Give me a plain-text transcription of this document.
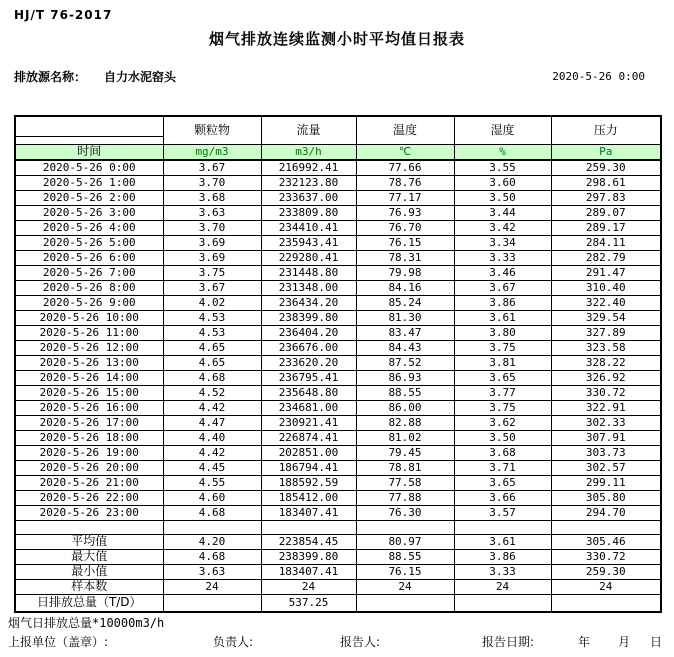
HJ/T 76-2017
烟气排放连续监测小时平均值日报表
排放源名称： 自力水泥窑头	2020-5-26 0:00
	颗粒物	流量	温度	湿度	压力
时间	mg/m3	m3/h	℃	%	Pa
2020-5-26 0:00	3.67	216992.41	77.66	3.55	259.30
2020-5-26 1:00	3.70	232123.80	78.76	3.60	298.61
2020-5-26 2:00	3.68	233637.00	77.17	3.50	297.83
2020-5-26 3:00	3.63	233809.80	76.93	3.44	289.07
2020-5-26 4:00	3.70	234410.41	76.70	3.42	289.17
2020-5-26 5:00	3.69	235943.41	76.15	3.34	284.11
2020-5-26 6:00	3.69	229280.41	78.31	3.33	282.79
2020-5-26 7:00	3.75	231448.80	79.98	3.46	291.47
2020-5-26 8:00	3.67	231348.00	84.16	3.67	310.40
2020-5-26 9:00	4.02	236434.20	85.24	3.86	322.40
2020-5-26 10:00	4.53	238399.80	81.30	3.61	329.54
2020-5-26 11:00	4.53	236404.20	83.47	3.80	327.89
2020-5-26 12:00	4.65	236676.00	84.43	3.75	323.58
2020-5-26 13:00	4.65	233620.20	87.52	3.81	328.22
2020-5-26 14:00	4.68	236795.41	86.93	3.65	326.92
2020-5-26 15:00	4.52	235648.80	88.55	3.77	330.72
2020-5-26 16:00	4.42	234681.00	86.00	3.75	322.91
2020-5-26 17:00	4.47	230921.41	82.88	3.62	302.33
2020-5-26 18:00	4.40	226874.41	81.02	3.50	307.91
2020-5-26 19:00	4.42	202851.00	79.45	3.68	303.73
2020-5-26 20:00	4.45	186794.41	78.81	3.71	302.57
2020-5-26 21:00	4.55	188592.59	77.58	3.65	299.11
2020-5-26 22:00	4.60	185412.00	77.88	3.66	305.80
2020-5-26 23:00	4.68	183407.41	76.30	3.57	294.70

平均值	4.20	223854.45	80.97	3.61	305.46
最大值	4.68	238399.80	88.55	3.86	330.72
最小值	3.63	183407.41	76.15	3.33	259.30
样本数	24	24	24	24	24
日排放总量（T/D）		537.25			
烟气日排放总量*10000m3/h
上报单位（盖章）:	负责人:	报告人:	报告日期:	年 月 日
